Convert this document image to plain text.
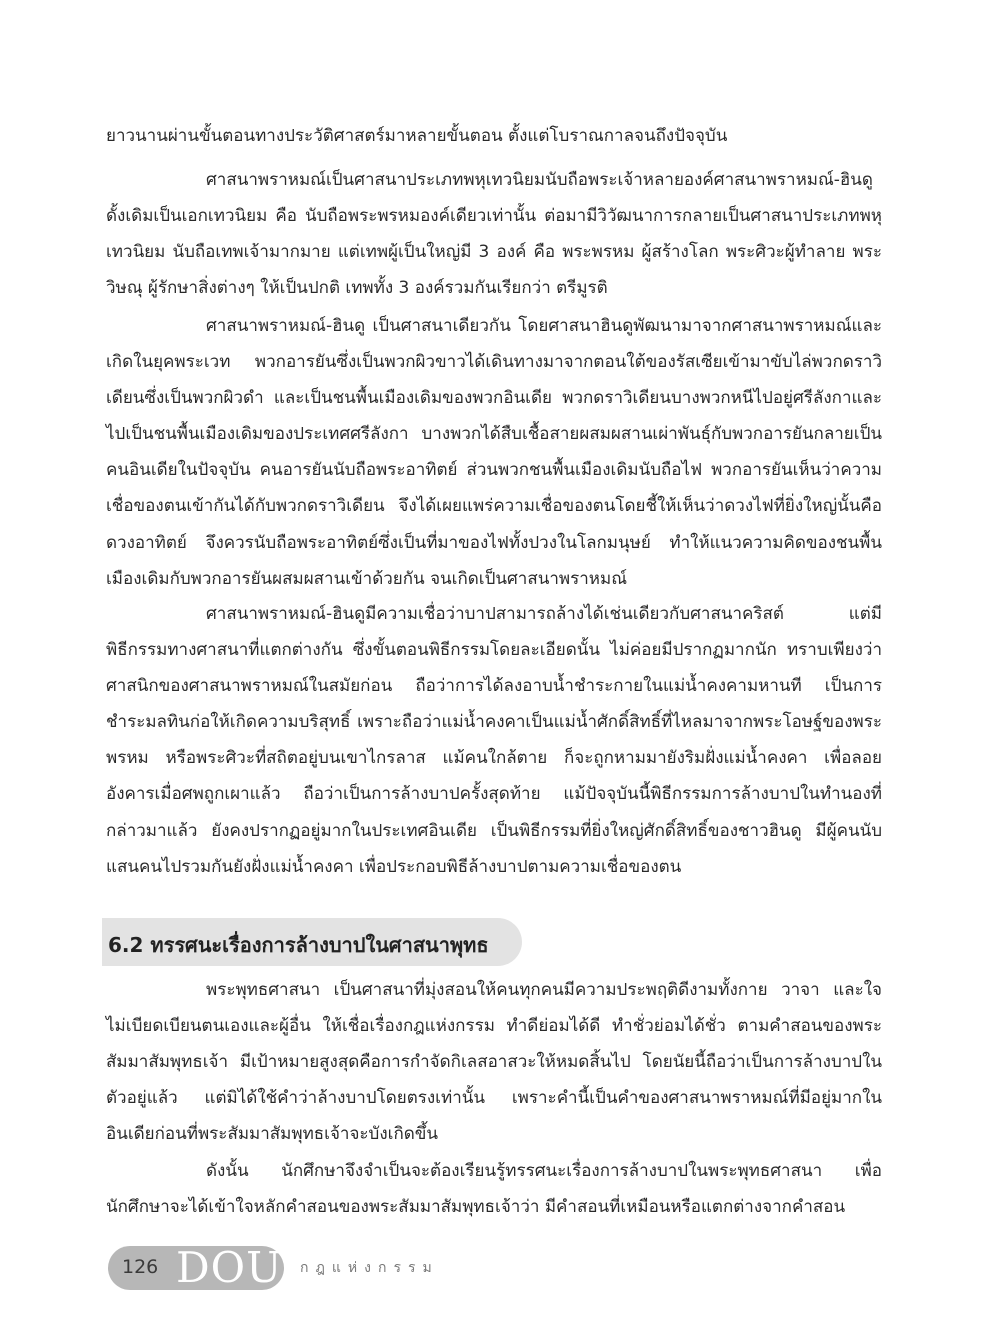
ยาวนานผ่านขั้นตอนทางประวัติศาสตร์มาหลายขั้นตอน ตั้งแต่โบราณกาลจนถึงปัจจุบัน

ศาสนาพราหมณ์เป็นศาสนาประเภทพหุเทวนิยมนับถือพระเจ้าหลายองค์ศาสนาพราหมณ์-ฮินดูดั้งเดิมเป็นเอกเทวนิยม คือ นับถือพระพรหมองค์เดียวเท่านั้น ต่อมามีวิวัฒนาการกลายเป็นศาสนาประเภทพหุเทวนิยม นับถือเทพเจ้ามากมาย แต่เทพผู้เป็นใหญ่มี 3 องค์ คือ พระพรหม ผู้สร้างโลก พระศิวะผู้ทำลาย พระวิษณุ ผู้รักษาสิ่งต่างๆ ให้เป็นปกติ เทพทั้ง 3 องค์รวมกันเรียกว่า ตรีมูรติ

ศาสนาพราหมณ์-ฮินดู เป็นศาสนาเดียวกัน โดยศาสนาฮินดูพัฒนามาจากศาสนาพราหมณ์และเกิดในยุคพระเวท พวกอารยันซึ่งเป็นพวกผิวขาวได้เดินทางมาจากตอนใต้ของรัสเซียเข้ามาขับไล่พวกดราวิเดียนซึ่งเป็นพวกผิวดำ และเป็นชนพื้นเมืองเดิมของพวกอินเดีย พวกดราวิเดียนบางพวกหนีไปอยู่ศรีลังกาและไปเป็นชนพื้นเมืองเดิมของประเทศศรีลังกา บางพวกได้สืบเชื้อสายผสมผสานเผ่าพันธุ์กับพวกอารยันกลายเป็นคนอินเดียในปัจจุบัน คนอารยันนับถือพระอาทิตย์ ส่วนพวกชนพื้นเมืองเดิมนับถือไฟ พวกอารยันเห็นว่าความเชื่อของตนเข้ากันได้กับพวกดราวิเดียน จึงได้เผยแพร่ความเชื่อของตนโดยชี้ให้เห็นว่าดวงไฟที่ยิ่งใหญ่นั้นคือดวงอาทิตย์ จึงควรนับถือพระอาทิตย์ซึ่งเป็นที่มาของไฟทั้งปวงในโลกมนุษย์ ทำให้แนวความคิดของชนพื้นเมืองเดิมกับพวกอารยันผสมผสานเข้าด้วยกัน จนเกิดเป็นศาสนาพราหมณ์

ศาสนาพราหมณ์-ฮินดูมีความเชื่อว่าบาปสามารถล้างได้เช่นเดียวกับศาสนาคริสต์ แต่มีพิธีกรรมทางศาสนาที่แตกต่างกัน ซึ่งขั้นตอนพิธีกรรมโดยละเอียดนั้น ไม่ค่อยมีปรากฏมากนัก ทราบเพียงว่า ศาสนิกของศาสนาพราหมณ์ในสมัยก่อน ถือว่าการได้ลงอาบน้ำชำระกายในแม่น้ำคงคามหานที เป็นการชำระมลทินก่อให้เกิดความบริสุทธิ์ เพราะถือว่าแม่น้ำคงคาเป็นแม่น้ำศักดิ์สิทธิ์ที่ไหลมาจากพระโอษฐ์ของพระพรหม หรือพระศิวะที่สถิตอยู่บนเขาไกรลาส แม้คนใกล้ตาย ก็จะถูกหามมายังริมฝั่งแม่น้ำคงคา เพื่อลอยอังคารเมื่อศพถูกเผาแล้ว ถือว่าเป็นการล้างบาปครั้งสุดท้าย แม้ปัจจุบันนี้พิธีกรรมการล้างบาปในทำนองที่กล่าวมาแล้ว ยังคงปรากฏอยู่มากในประเทศอินเดีย เป็นพิธีกรรมที่ยิ่งใหญ่ศักดิ์สิทธิ์ของชาวฮินดู มีผู้คนนับแสนคนไปรวมกันยังฝั่งแม่น้ำคงคา เพื่อประกอบพิธีล้างบาปตามความเชื่อของตน

6.2 ทรรศนะเรื่องการล้างบาปในศาสนาพุทธ

พระพุทธศาสนา เป็นศาสนาที่มุ่งสอนให้คนทุกคนมีความประพฤติดีงามทั้งกาย วาจา และใจ ไม่เบียดเบียนตนเองและผู้อื่น ให้เชื่อเรื่องกฎแห่งกรรม ทำดีย่อมได้ดี ทำชั่วย่อมได้ชั่ว ตามคำสอนของพระสัมมาสัมพุทธเจ้า มีเป้าหมายสูงสุดคือการกำจัดกิเลสอาสวะให้หมดสิ้นไป โดยนัยนี้ถือว่าเป็นการล้างบาปในตัวอยู่แล้ว แต่มิได้ใช้คำว่าล้างบาปโดยตรงเท่านั้น เพราะคำนี้เป็นคำของศาสนาพราหมณ์ที่มีอยู่มากในอินเดียก่อนที่พระสัมมาสัมพุทธเจ้าจะบังเกิดขึ้น

ดังนั้น นักศึกษาจึงจำเป็นจะต้องเรียนรู้ทรรศนะเรื่องการล้างบาปในพระพุทธศาสนา เพื่อนักศึกษาจะได้เข้าใจหลักคำสอนของพระสัมมาสัมพุทธเจ้าว่า มีคำสอนที่เหมือนหรือแตกต่างจากคำสอน

126 DOU กฎแห่งกรรม
